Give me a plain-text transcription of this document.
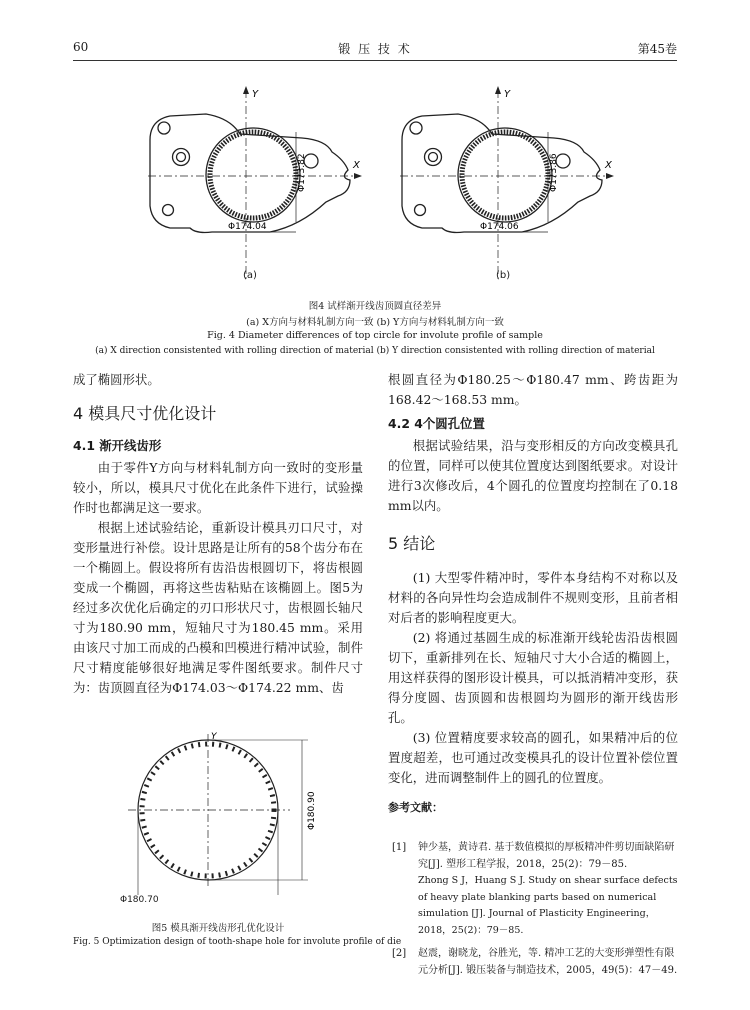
60	锻 压 技 术	第45卷
Y
X
Φ173.82
Φ174.04
Y
X
Φ173.86
Φ174.06
(a)	(b)
图4 试样渐开线齿顶圆直径差异
(a) X方向与材料轧制方向一致 (b) Y方向与材料轧制方向一致
Fig. 4 Diameter differences of top circle for involute profile of sample
(a) X direction consistented with rolling direction of material (b) Y direction consistented with rolling direction of material

成了椭圆形状。

4 模具尺寸优化设计
4.1 渐开线齿形

由于零件Y方向与材料轧制方向一致时的变形量较小，所以，模具尺寸优化在此条件下进行，试验操作时也都满足这一要求。

根据上述试验结论，重新设计模具刃口尺寸，对变形量进行补偿。设计思路是让所有的58个齿分布在一个椭圆上。假设将所有齿沿齿根圆切下，将齿根圆变成一个椭圆，再将这些齿粘贴在该椭圆上。图5为经过多次优化后确定的刃口形状尺寸，齿根圆长轴尺寸为180.90 mm，短轴尺寸为180.45 mm。采用由该尺寸加工而成的凸模和凹模进行精冲试验，制件尺寸精度能够很好地满足零件图纸要求。制件尺寸为：齿顶圆直径为Φ174.03～Φ174.22 mm、齿

Y
Φ180.90
Φ180.70
图5 模具渐开线齿形孔优化设计
Fig. 5 Optimization design of tooth-shape hole for involute profile of die

根圆直径为Φ180.25～Φ180.47 mm、跨齿距为168.42～168.53 mm。

4.2 4个圆孔位置

根据试验结果，沿与变形相反的方向改变模具孔的位置，同样可以使其位置度达到图纸要求。对设计进行3次修改后，4个圆孔的位置度均控制在了0.18 mm以内。

5 结论

(1) 大型零件精冲时，零件本身结构不对称以及材料的各向异性均会造成制件不规则变形，且前者相对后者的影响程度更大。

(2) 将通过基圆生成的标准渐开线轮齿沿齿根圆切下，重新排列在长、短轴尺寸大小合适的椭圆上，用这样获得的图形设计模具，可以抵消精冲变形，获得分度圆、齿顶圆和齿根圆均为圆形的渐开线齿形孔。

(3) 位置精度要求较高的圆孔，如果精冲后的位置度超差，也可通过改变模具孔的设计位置补偿位置变化，进而调整制件上的圆孔的位置度。

参考文献：
[1] 钟少基，黄诗君. 基于数值模拟的厚板精冲件剪切面缺陷研究[J]. 塑形工程学报，2018，25(2)：79－85.
Zhong S J，Huang S J. Study on shear surface defects of heavy plate blanking parts based on numerical simulation [J]. Journal of Plasticity Engineering，2018，25(2)：79－85.
[2] 赵震，谢晓龙，谷胜光，等. 精冲工艺的大变形弹塑性有限元分析[J]. 锻压装备与制造技术，2005，49(5)：47－49.
